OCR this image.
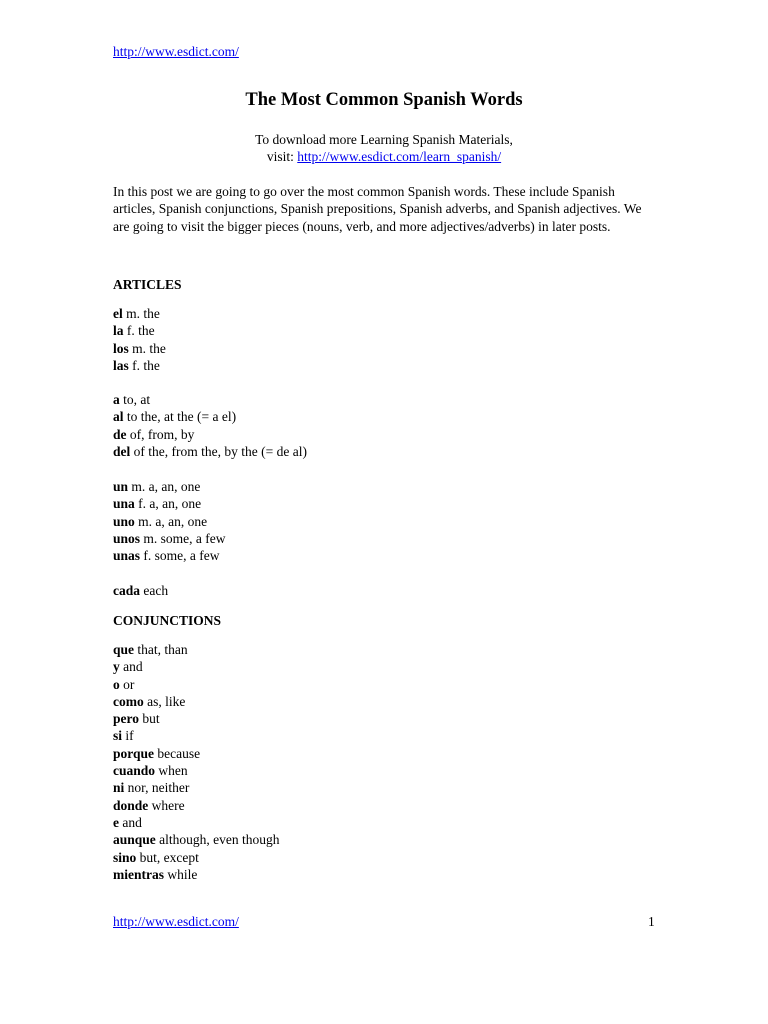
http://www.esdict.com/
The Most Common Spanish Words
To download more Learning Spanish Materials,
visit: http://www.esdict.com/learn_spanish/
In this post we are going to go over the most common Spanish words. These include Spanish articles, Spanish conjunctions, Spanish prepositions, Spanish adverbs, and Spanish adjectives. We are going to visit the bigger pieces (nouns, verb, and more adjectives/adverbs) in later posts.
ARTICLES
el m. the
la f. the
los m. the
las f. the
a to, at
al to the, at the (= a el)
de of, from, by
del of the, from the, by the (= de al)
un m. a, an, one
una f. a, an, one
uno m. a, an, one
unos m. some, a few
unas f. some, a few
cada each
CONJUNCTIONS
que that, than
y and
o or
como as, like
pero but
si if
porque because
cuando when
ni nor, neither
donde where
e and
aunque although, even though
sino but, except
mientras while
http://www.esdict.com/	1
